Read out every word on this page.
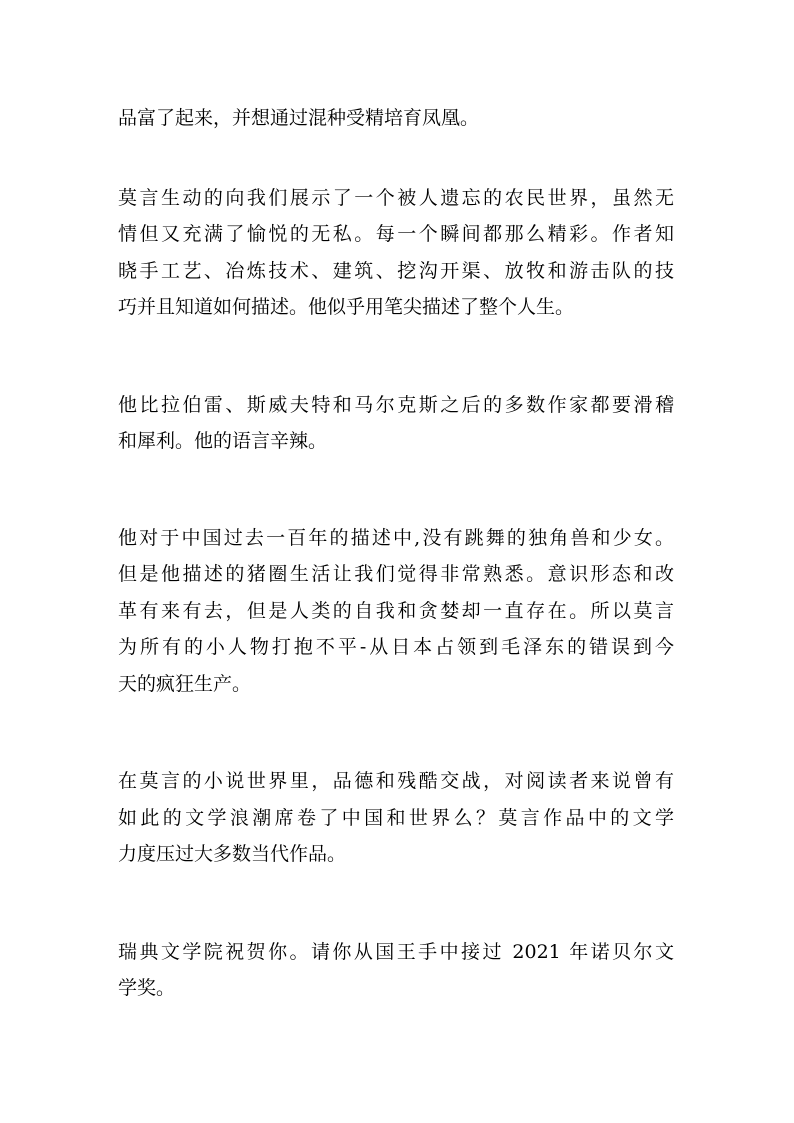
品富了起来，并想通过混种受精培育凤凰。
莫言生动的向我们展示了一个被人遗忘的农民世界，虽然无
情但又充满了愉悦的无私。每一个瞬间都那么精彩。作者知
晓手工艺、冶炼技术、建筑、挖沟开渠、放牧和游击队的技
巧并且知道如何描述。他似乎用笔尖描述了整个人生。
他比拉伯雷、斯威夫特和马尔克斯之后的多数作家都要滑稽
和犀利。他的语言辛辣。
他对于中国过去一百年的描述中,没有跳舞的独角兽和少女。
但是他描述的猪圈生活让我们觉得非常熟悉。意识形态和改
革有来有去，但是人类的自我和贪婪却一直存在。所以莫言
为所有的小人物打抱不平-从日本占领到毛泽东的错误到今
天的疯狂生产。
在莫言的小说世界里，品德和残酷交战，对阅读者来说曾有
如此的文学浪潮席卷了中国和世界么？莫言作品中的文学
力度压过大多数当代作品。
瑞典文学院祝贺你。请你从国王手中接过 2021 年诺贝尔文
学奖。
